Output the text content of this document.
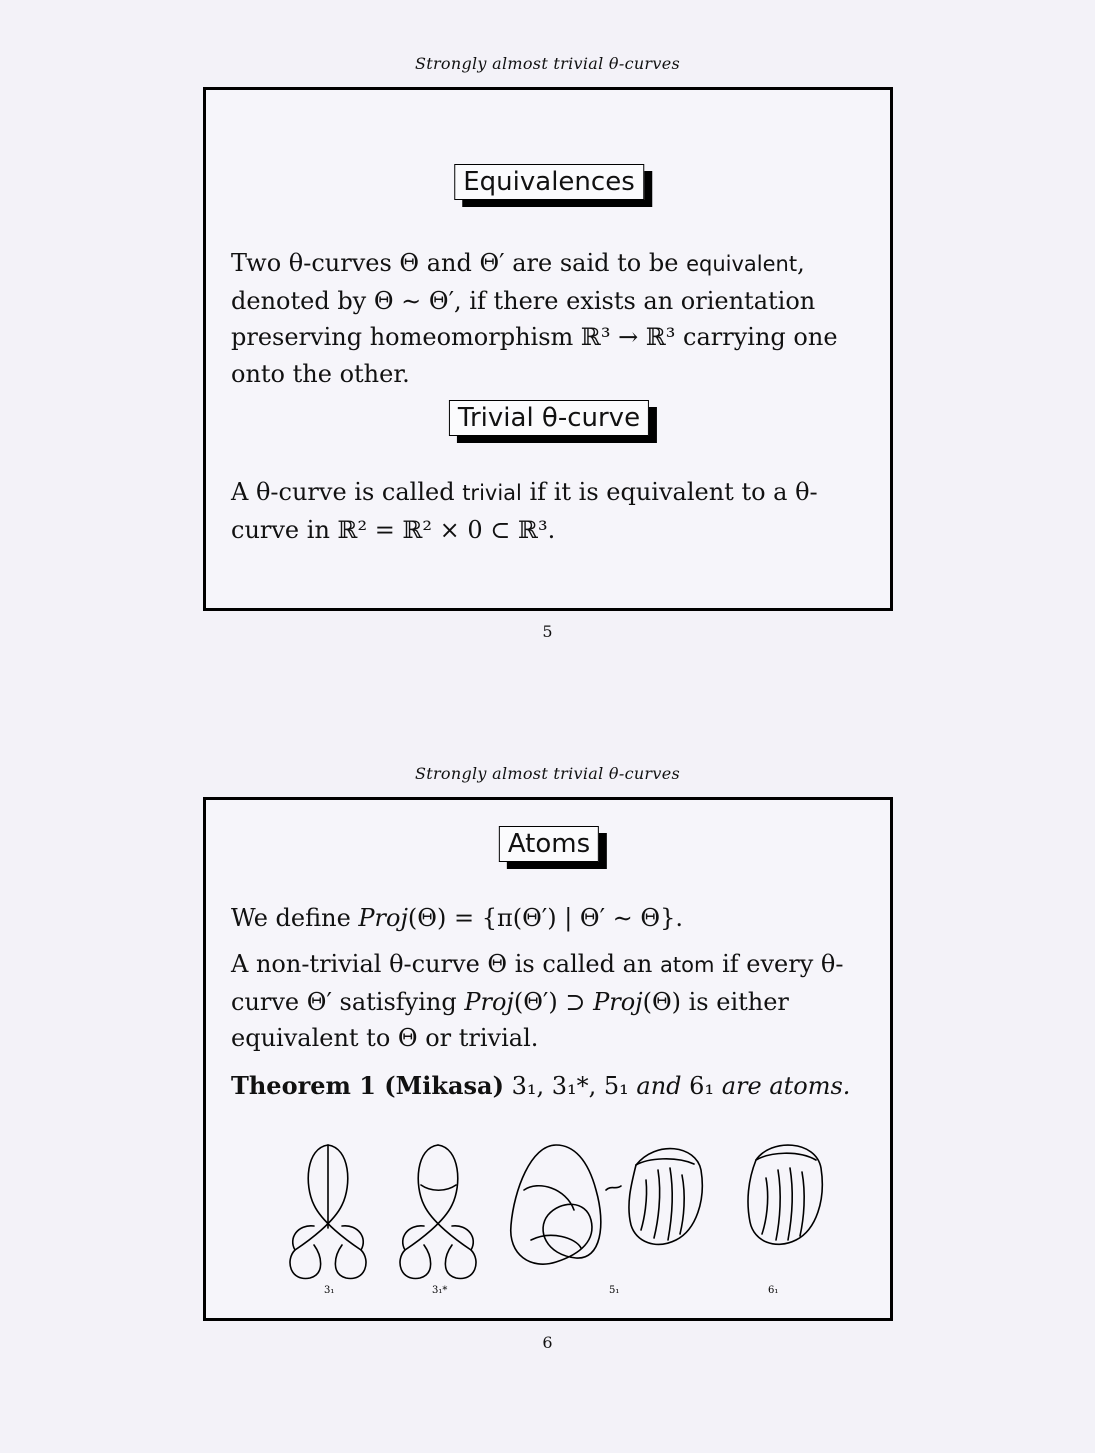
Strongly almost trivial θ-curves
Equivalences
Two θ-curves Θ and Θ′ are said to be equivalent, denoted by Θ ∼ Θ′, if there exists an orientation preserving homeomorphism ℝ³ → ℝ³ carrying one onto the other.
Trivial θ-curve
A θ-curve is called trivial if it is equivalent to a θ-curve in ℝ² = ℝ² × 0 ⊂ ℝ³.
5
Strongly almost trivial θ-curves
Atoms
We define Proj(Θ) = {π(Θ′) | Θ′ ∼ Θ}.
A non-trivial θ-curve Θ is called an atom if every θ-curve Θ′ satisfying Proj(Θ′) ⊃ Proj(Θ) is either equivalent to Θ or trivial.
Theorem 1 (Mikasa) 3₁, 3₁*, 5₁ and 6₁ are atoms.
3₁	3₁*	5₁	6₁
6
